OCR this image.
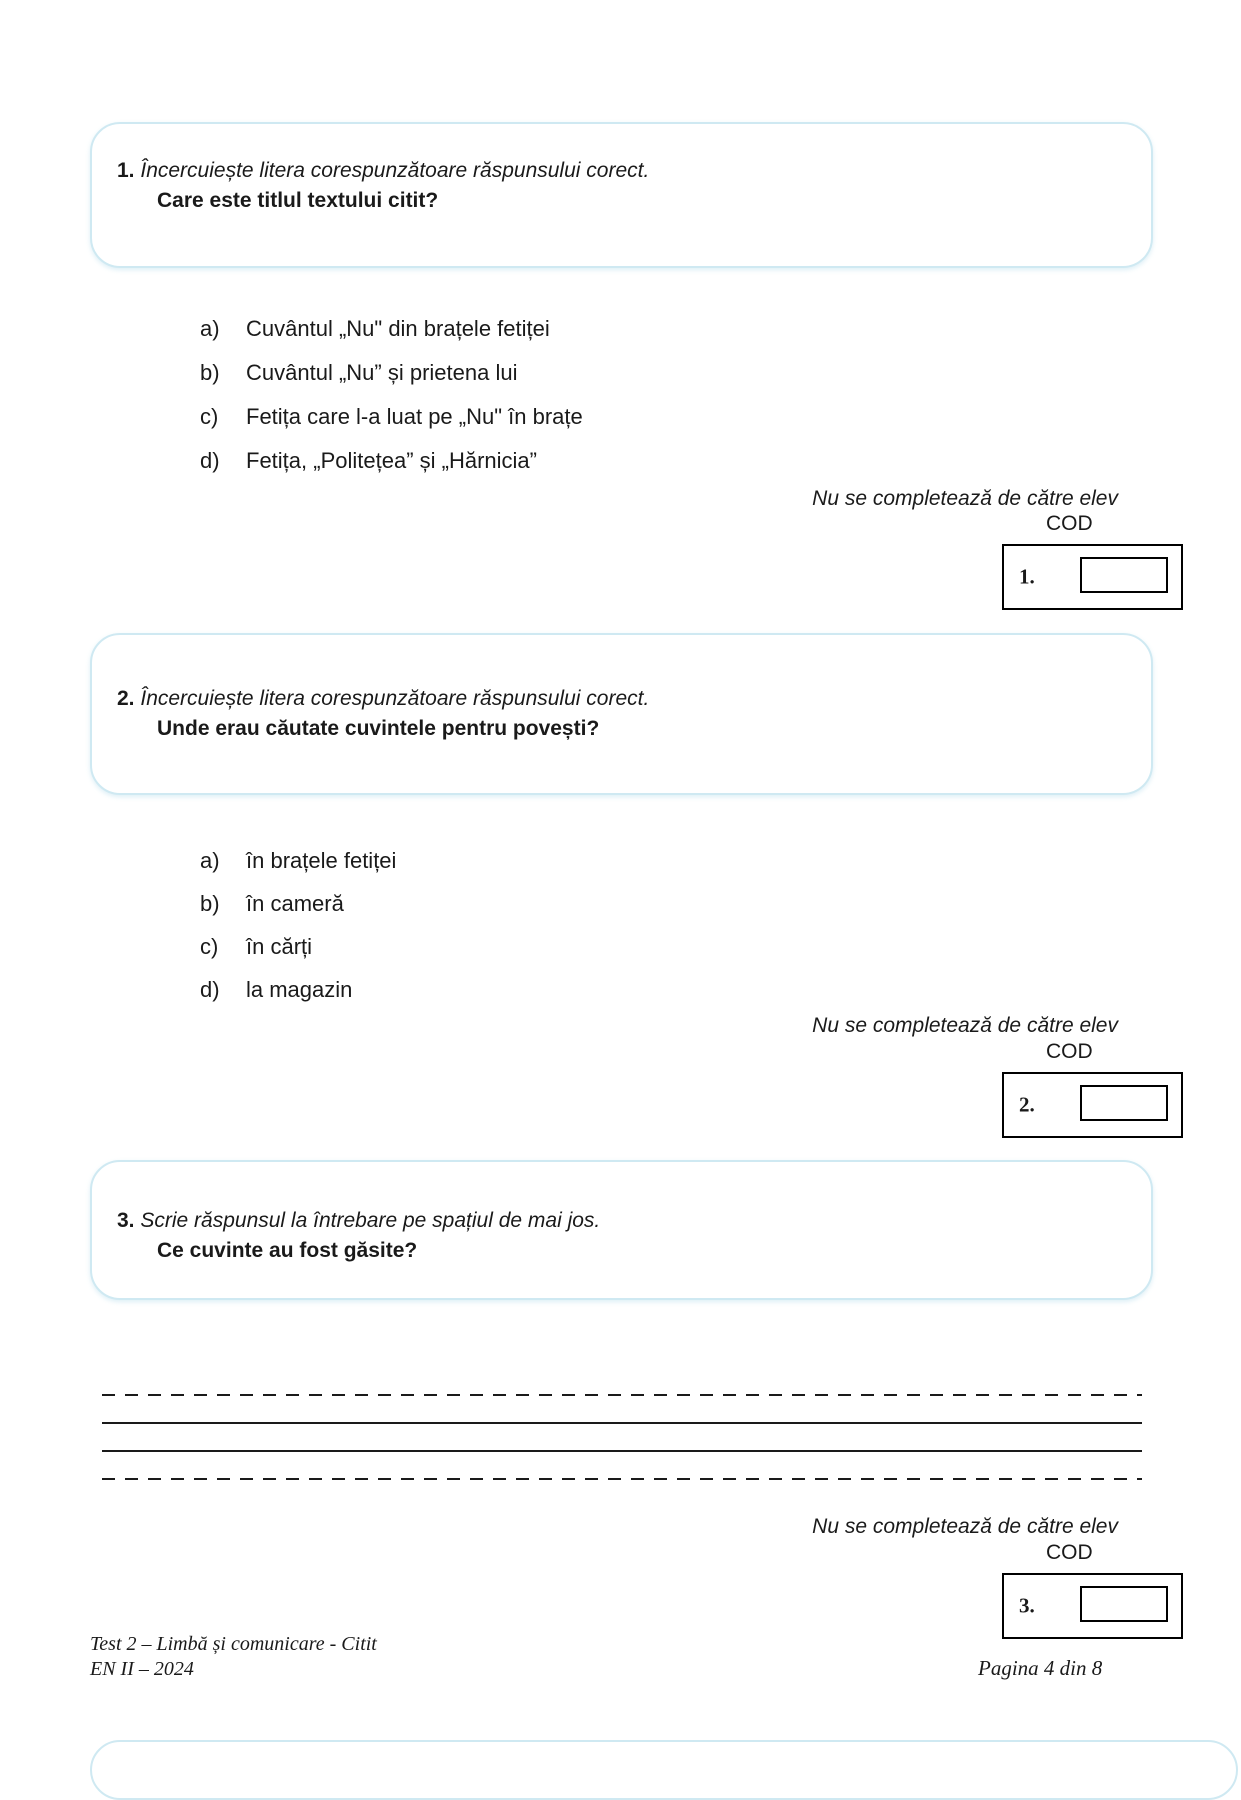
1. Încercuiește litera corespunzătoare răspunsului corect.
Care este titlul textului citit?
a)	Cuvântul „Nu" din brațele fetiței
b)	Cuvântul „Nu” și prietena lui
c)	Fetița care l-a luat pe „Nu" în brațe
d)	Fetița, „Politețea” și „Hărnicia”
Nu se completează de către elev
COD
1.
2. Încercuiește litera corespunzătoare răspunsului corect.
Unde erau căutate cuvintele pentru povești?
a)	în brațele fetiței
b)	în cameră
c)	în cărți
d)	la magazin
Nu se completează de către elev
COD
2.
3. Scrie răspunsul la întrebare pe spațiul de mai jos.
Ce cuvinte au fost găsite?
Nu se completează de către elev
COD
3.
Test 2 – Limbă și comunicare - Citit
EN II – 2024	Pagina 4 din 8
